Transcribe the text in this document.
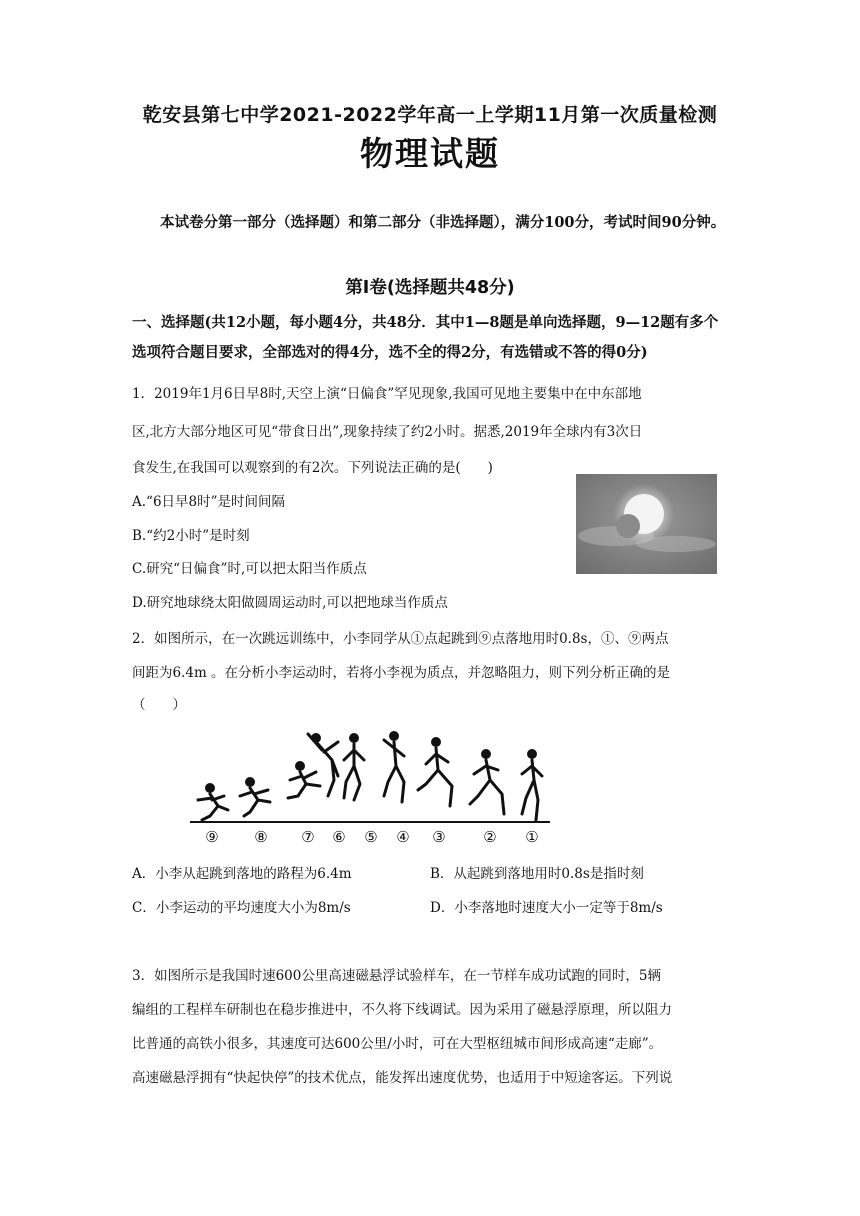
乾安县第七中学2021-2022学年高一上学期11月第一次质量检测
物理试题
本试卷分第一部分（选择题）和第二部分（非选择题），满分100分，考试时间90分钟。
第Ⅰ卷(选择题共48分)
一、选择题(共12小题，每小题4分，共48分．其中1—8题是单向选择题，9—12题有多个选项符合题目要求，全部选对的得4分，选不全的得2分，有选错或不答的得0分)
1．2019年1月6日早8时,天空上演“日偏食”罕见现象,我国可见地主要集中在中东部地
区,北方大部分地区可见“带食日出”,现象持续了约2小时。据悉,2019年全球内有3次日
食发生,在我国可以观察到的有2次。下列说法正确的是(　　)
A.“6日早8时”是时间间隔
B.“约2小时”是时刻
C.研究“日偏食”时,可以把太阳当作质点
D.研究地球绕太阳做圆周运动时,可以把地球当作质点
2．如图所示，在一次跳远训练中，小李同学从①点起跳到⑨点落地用时0.8s，①、⑨两点
间距为6.4m 。在分析小李运动时，若将小李视为质点，并忽略阻力，则下列分析正确的是
（　　）
⑨ ⑧ ⑦ ⑥ ⑤ ④ ③	② ①
A．小李从起跳到落地的路程为6.4m	B．从起跳到落地用时0.8s是指时刻
C．小李运动的平均速度大小为8m/s	D．小李落地时速度大小一定等于8m/s
3．如图所示是我国时速600公里高速磁悬浮试验样车，在一节样车成功试跑的同时，5辆
编组的工程样车研制也在稳步推进中，不久将下线调试。因为采用了磁悬浮原理，所以阻力
比普通的高铁小很多，其速度可达600公里/小时，可在大型枢纽城市间形成高速“走廊”。
高速磁悬浮拥有“快起快停”的技术优点，能发挥出速度优势，也适用于中短途客运。下列说
